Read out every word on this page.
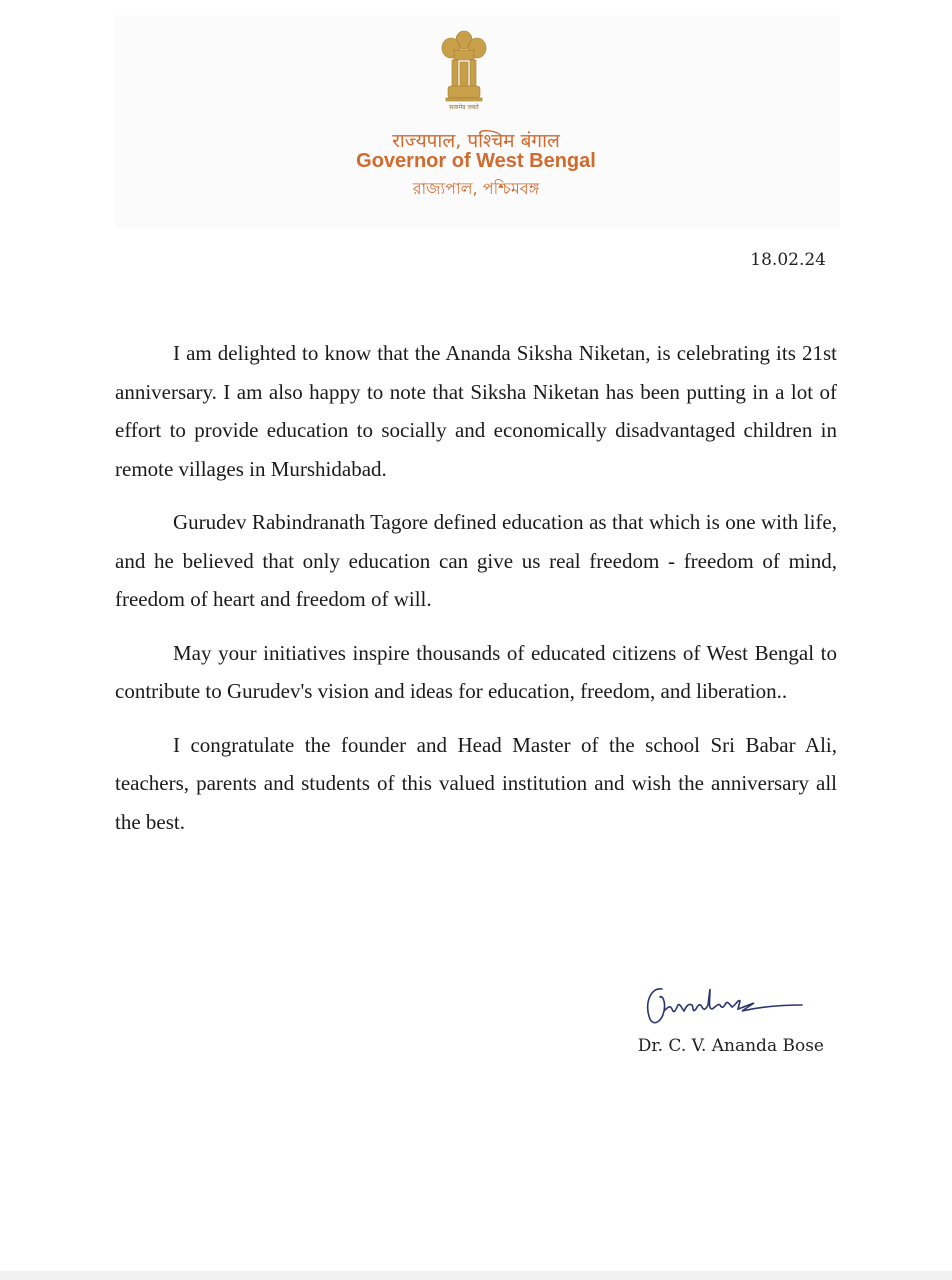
सत्यमेव जयते
राज्यपाल, पश्चिम बंगाल
Governor of West Bengal
রাজ্যপাল, পশ্চিমবঙ্গ
18.02.24

I am delighted to know that the Ananda Siksha Niketan, is celebrating its 21st anniversary. I am also happy to note that Siksha Niketan has been putting in a lot of effort to provide education to socially and economically disadvantaged children in remote villages in Murshidabad.

Gurudev Rabindranath Tagore defined education as that which is one with life, and he believed that only education can give us real freedom - freedom of mind, freedom of heart and freedom of will.

May your initiatives inspire thousands of educated citizens of West Bengal to contribute to Gurudev's vision and ideas for education, freedom, and liberation..

I congratulate the founder and Head Master of the school Sri Babar Ali, teachers, parents and students of this valued institution and wish the anniversary all the best.

Dr. C. V. Ananda Bose
